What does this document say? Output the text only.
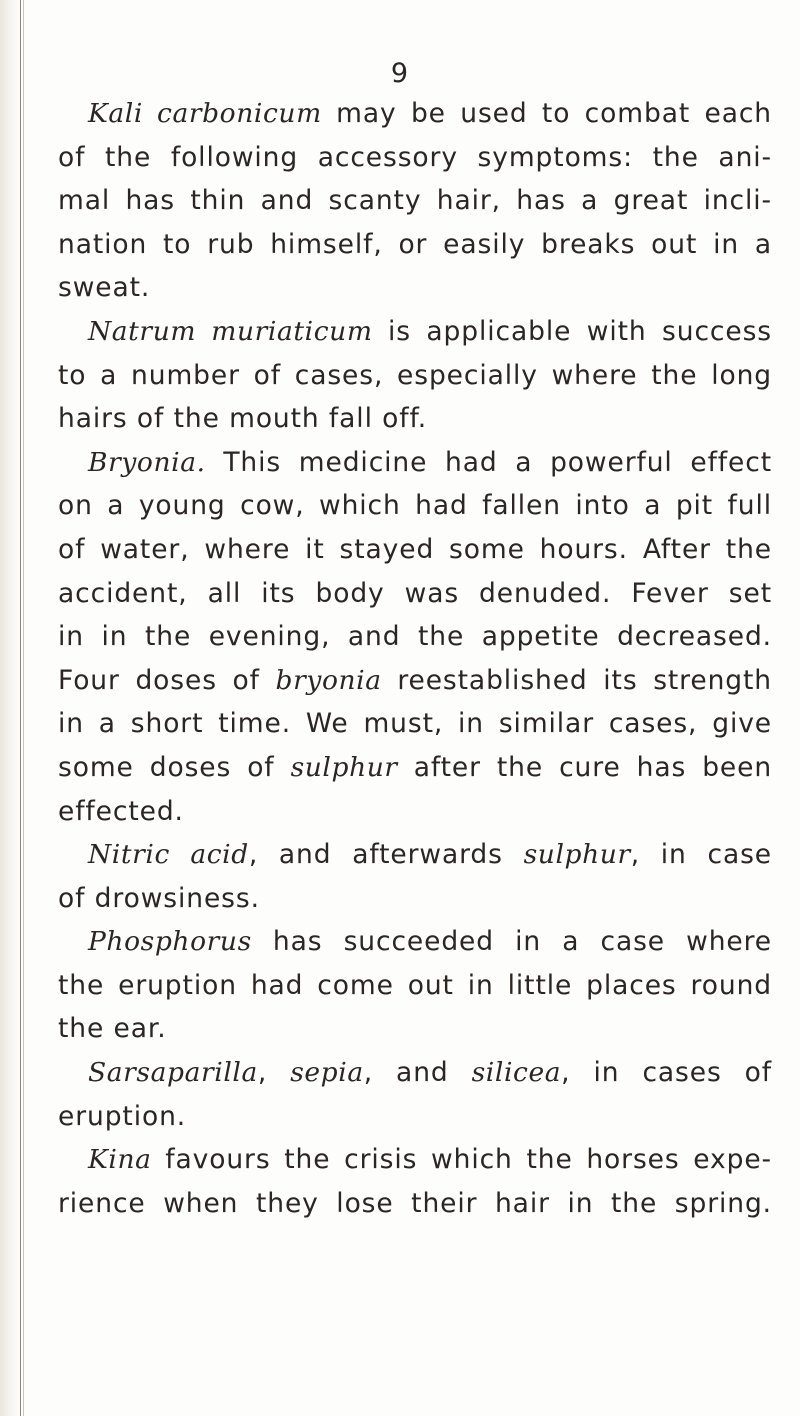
9
Kali carbonicum may be used to combat each
of the following accessory symptoms: the ani-
mal has thin and scanty hair, has a great incli-
nation to rub himself, or easily breaks out in a
sweat.
Natrum muriaticum is applicable with success
to a number of cases, especially where the long
hairs of the mouth fall off.
Bryonia. This medicine had a powerful effect
on a young cow, which had fallen into a pit full
of water, where it stayed some hours. After the
accident, all its body was denuded. Fever set
in in the evening, and the appetite decreased.
Four doses of bryonia reestablished its strength
in a short time. We must, in similar cases, give
some doses of sulphur after the cure has been
effected.
Nitric acid, and afterwards sulphur, in case
of drowsiness.
Phosphorus has succeeded in a case where
the eruption had come out in little places round
the ear.
Sarsaparilla, sepia, and silicea, in cases of
eruption.
Kina favours the crisis which the horses expe-
rience when they lose their hair in the spring.
